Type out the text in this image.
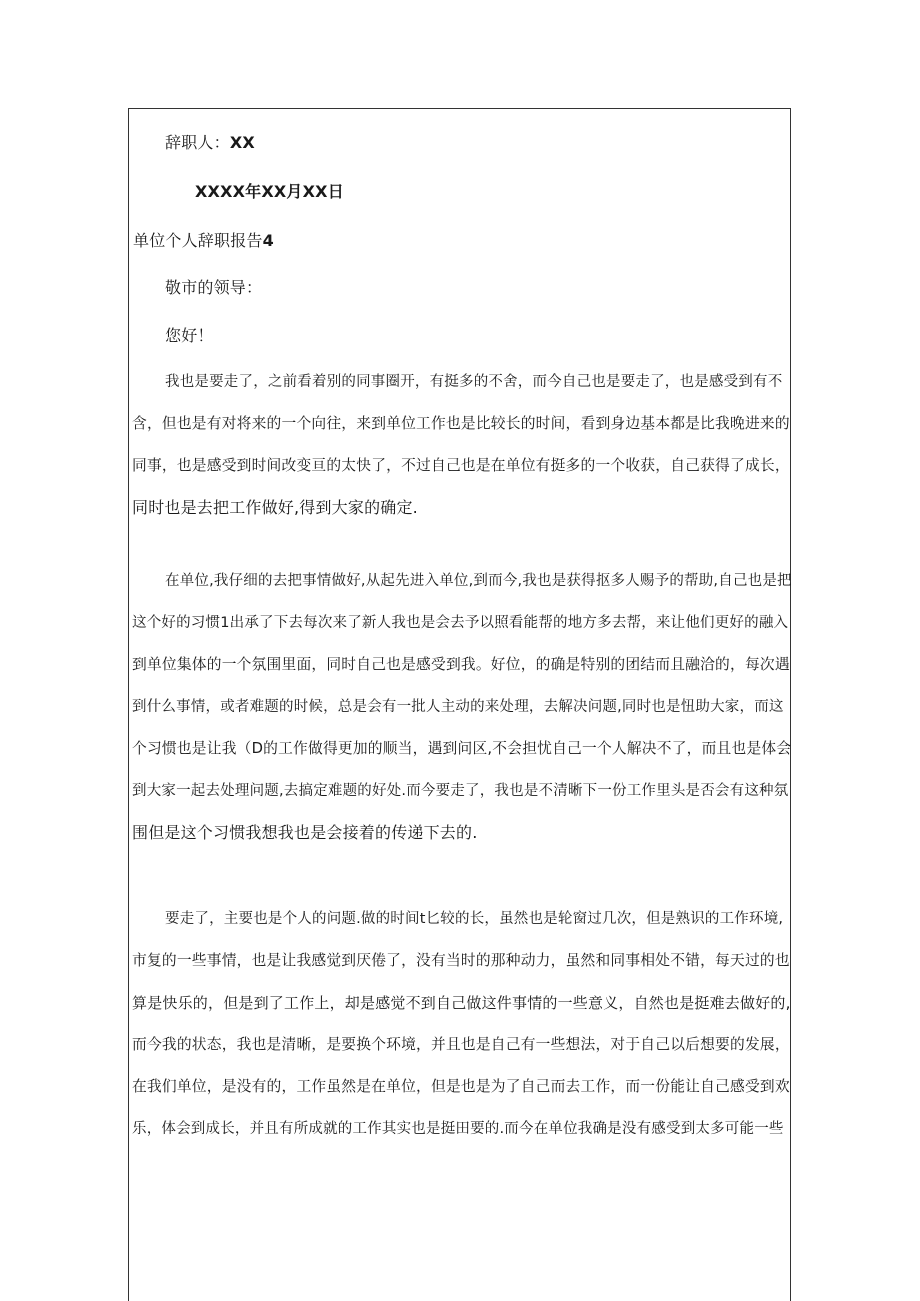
辞职人：XX
XXXX年XX月XX日
单位个人辞职报告4
敬市的领导：
您好！
我也是要走了，之前看着别的同事圈开，有挺多的不舍，而今自己也是要走了，也是感受到有不
含，但也是有对将来的一个向往，来到单位工作也是比较长的时间，看到身边基本都是比我晚进来的
同事，也是感受到时间改变亘的太快了，不过自己也是在单位有挺多的一个收获，自己获得了成长，
同时也是去把工作做好,得到大家的确定.
在单位,我仔细的去把事情做好,从起先进入单位,到而今,我也是获得抠多人赐予的帮助,自己也是把
这个好的习惯1出承了下去每次来了新人我也是会去予以照看能帮的地方多去帮，来让他们更好的融入
到单位集体的一个氛围里面，同时自己也是感受到我。好位，的确是特别的团结而且融洽的，每次遇
到什么事情，或者难题的时候，总是会有一批人主动的来处理，去解决问题,同时也是忸助大家，而这
个习惯也是让我（D的工作做得更加的顺当，遇到问区,不会担忧自己一个人解决不了，而且也是体会
到大家一起去处理问题,去搞定难题的好处.而今要走了，我也是不清晰下一份工作里头是否会有这种氛
围但是这个习惯我想我也是会接着的传递下去的.
要走了，主要也是个人的问题.做的时间t匕较的长，虽然也是轮窗过几次，但是熟识的工作环境,
市复的一些事情，也是让我感觉到厌倦了，没有当时的那种动力，虽然和同事相处不错，每天过的也
算是快乐的，但是到了工作上，却是感觉不到自己做这件事情的一些意义，自然也是挺难去做好的,
而今我的状态，我也是清晰，是要换个环境，并且也是自己有一些想法，对于自己以后想要的发展，
在我们单位，是没有的，工作虽然是在单位，但是也是为了自己而去工作，而一份能让自己感受到欢
乐，体会到成长，并且有所成就的工作其实也是挺田要的.而今在单位我确是没有感受到太多可能一些
